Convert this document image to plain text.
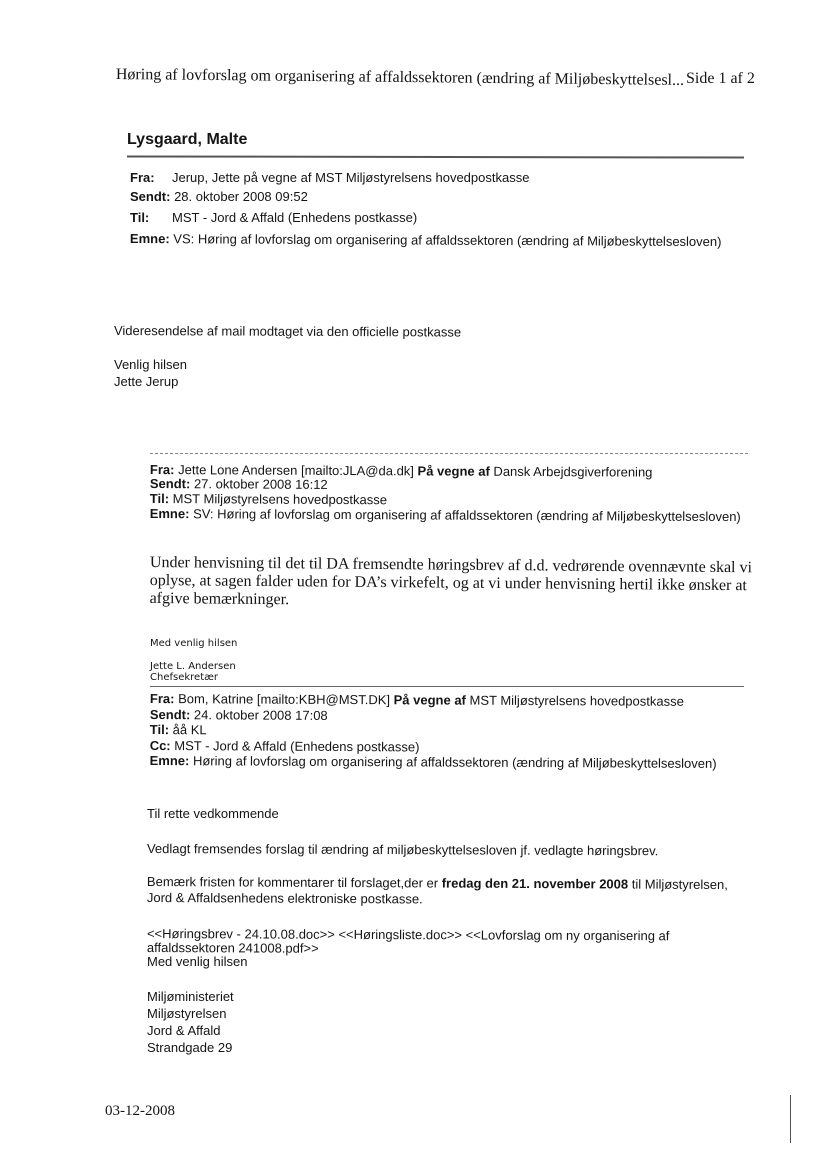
Høring af lovforslag om organisering af affaldssektoren (ændring af Miljøbeskyttelsesl... Side 1 af 2
Lysgaard, Malte
Fra: Jerup, Jette på vegne af MST Miljøstyrelsens hovedpostkasse
Sendt: 28. oktober 2008 09:52
Til: MST - Jord & Affald (Enhedens postkasse)
Emne: VS: Høring af lovforslag om organisering af affaldssektoren (ændring af Miljøbeskyttelsesloven)
Videresendelse af mail modtaget via den officielle postkasse
Venlig hilsen
Jette Jerup
Fra: Jette Lone Andersen [mailto:JLA@da.dk] På vegne af Dansk Arbejdsgiverforening
Sendt: 27. oktober 2008 16:12
Til: MST Miljøstyrelsens hovedpostkasse
Emne: SV: Høring af lovforslag om organisering af affaldssektoren (ændring af Miljøbeskyttelsesloven)
Under henvisning til det til DA fremsendte høringsbrev af d.d. vedrørende ovennævnte skal vi
oplyse, at sagen falder uden for DA’s virkefelt, og at vi under henvisning hertil ikke ønsker at
afgive bemærkninger.
Med venlig hilsen
Jette L. Andersen
Chefsekretær
Fra: Bom, Katrine [mailto:KBH@MST.DK] På vegne af MST Miljøstyrelsens hovedpostkasse
Sendt: 24. oktober 2008 17:08
Til: åå KL
Cc: MST - Jord & Affald (Enhedens postkasse)
Emne: Høring af lovforslag om organisering af affaldssektoren (ændring af Miljøbeskyttelsesloven)
Til rette vedkommende
Vedlagt fremsendes forslag til ændring af miljøbeskyttelsesloven jf. vedlagte høringsbrev.
Bemærk fristen for kommentarer til forslaget,der er fredag den 21. november 2008 til Miljøstyrelsen,
Jord & Affaldsenhedens elektroniske postkasse.
<<Høringsbrev - 24.10.08.doc>> <<Høringsliste.doc>> <<Lovforslag om ny organisering af
affaldssektoren 241008.pdf>>
Med venlig hilsen
Miljøministeriet
Miljøstyrelsen
Jord & Affald
Strandgade 29
03-12-2008
